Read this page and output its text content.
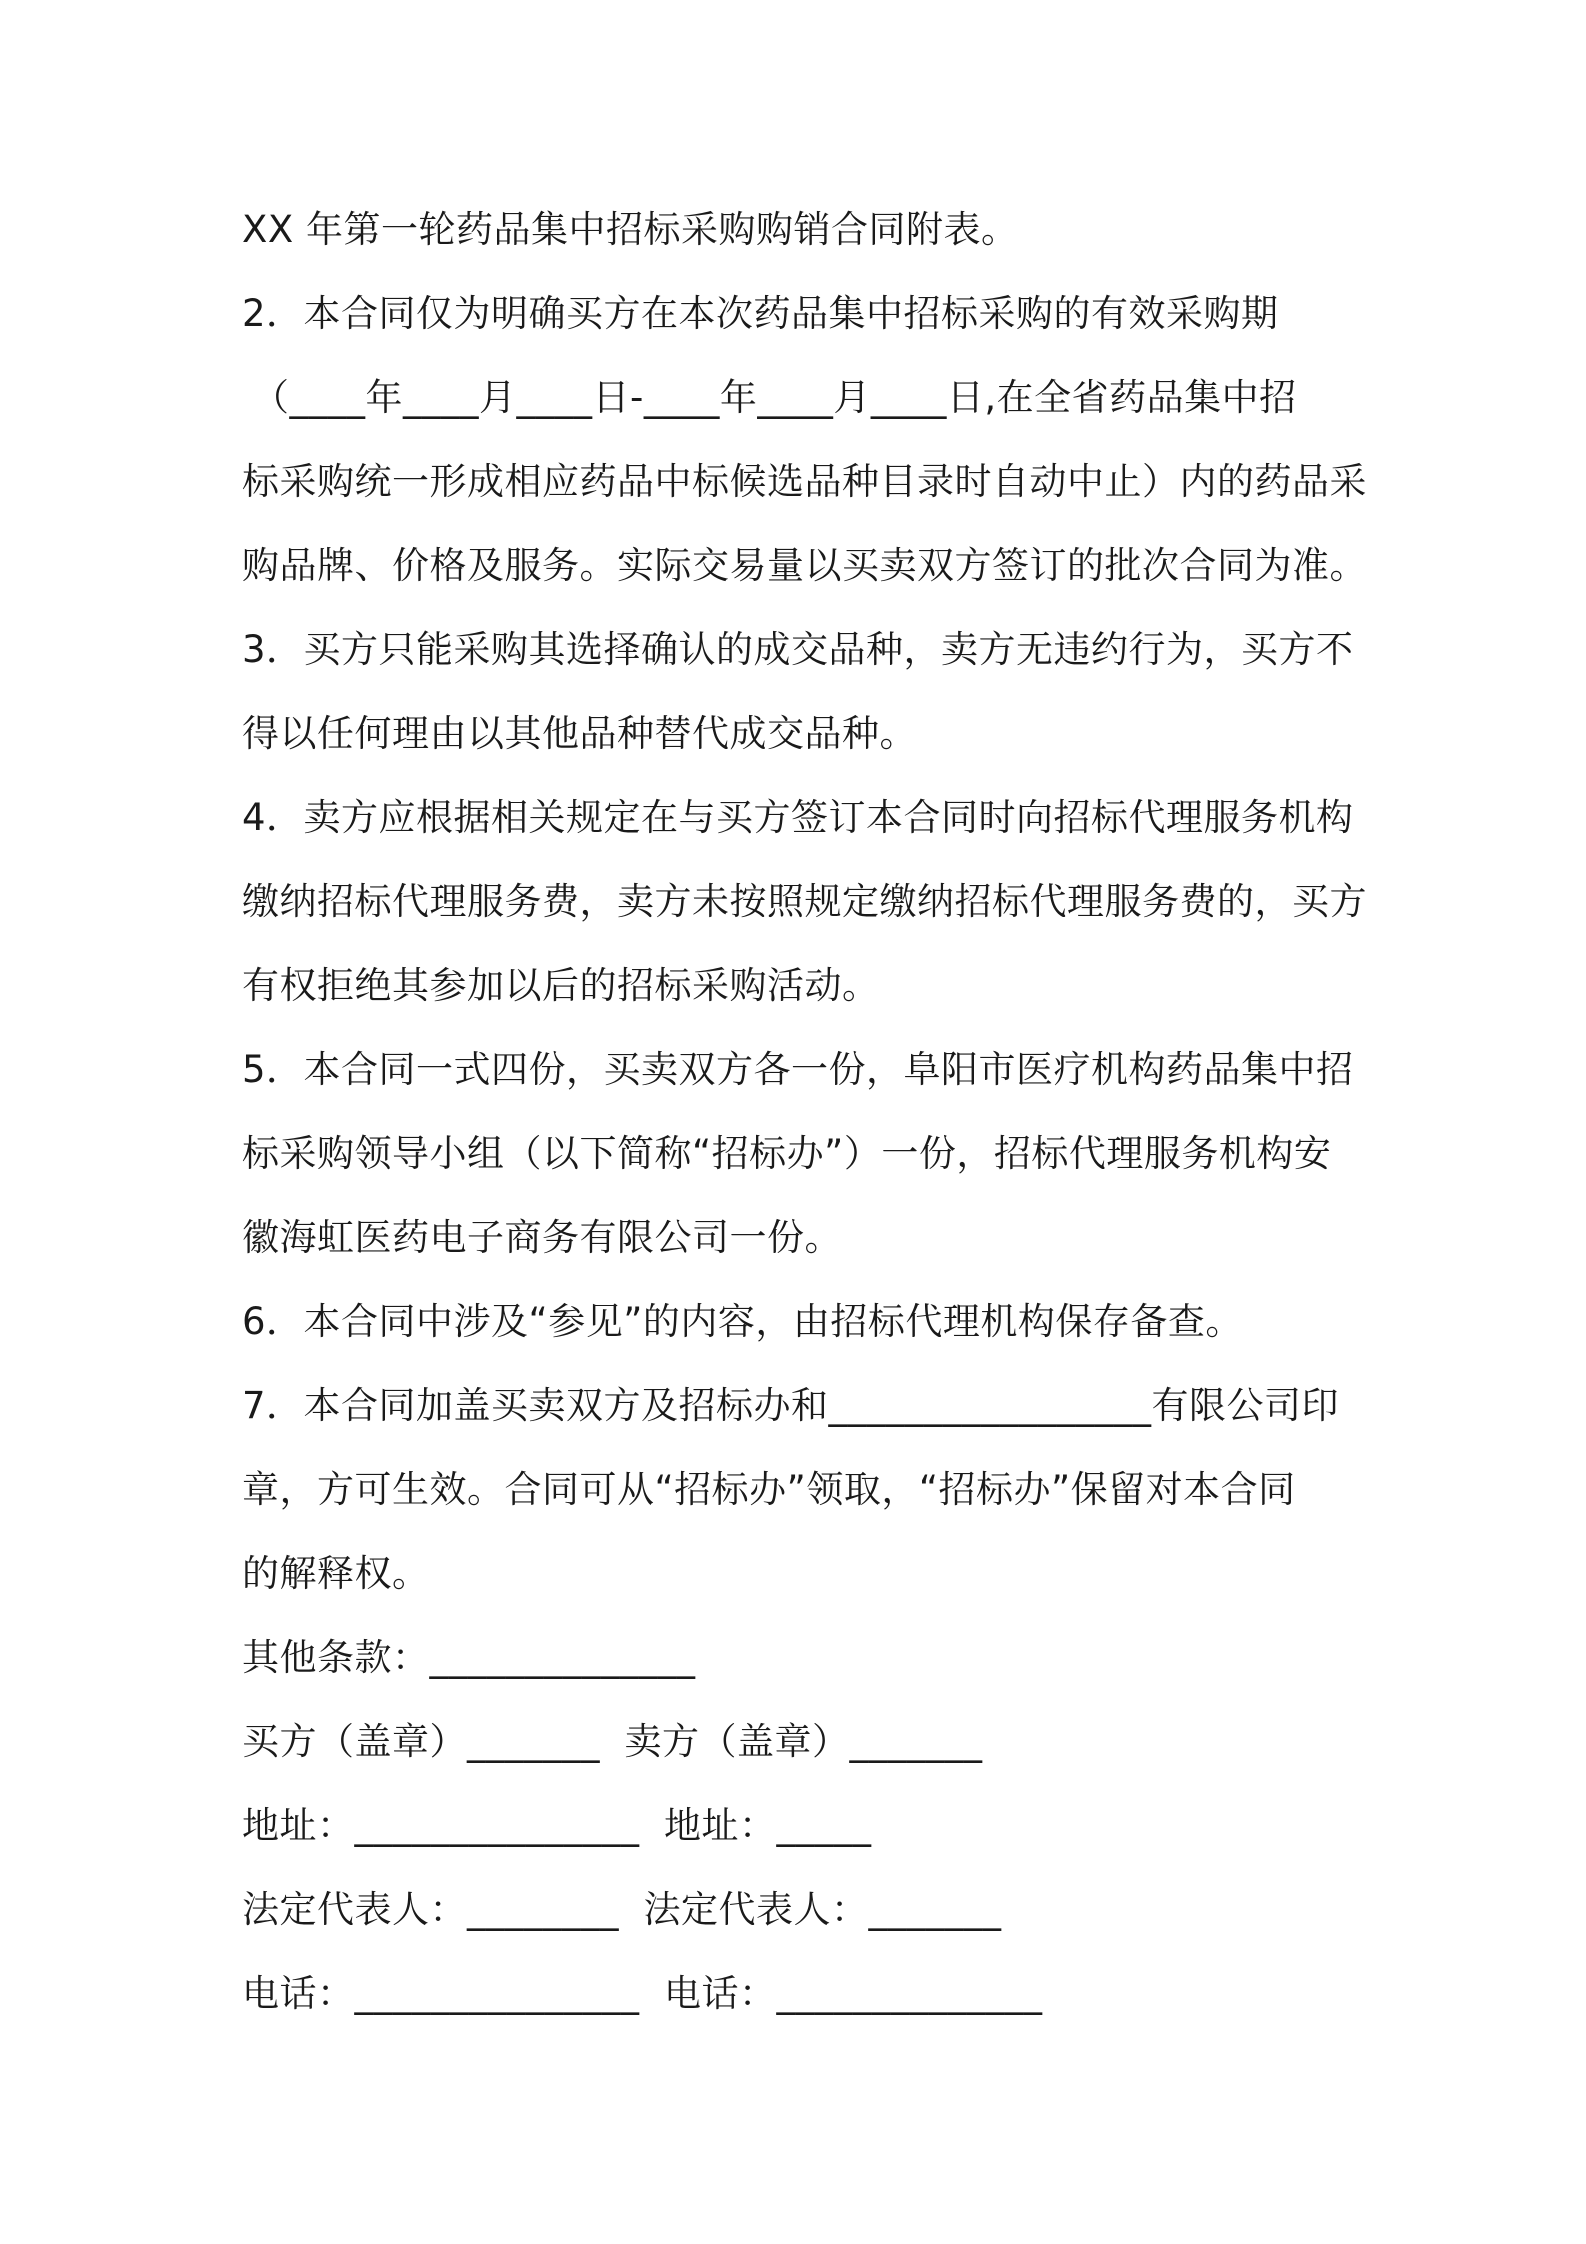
XX 年第一轮药品集中招标采购购销合同附表。
2．本合同仅为明确买方在本次药品集中招标采购的有效采购期
（____年____月____日-____年____月____日,在全省药品集中招
标采购统一形成相应药品中标候选品种目录时自动中止）内的药品采
购品牌、价格及服务。实际交易量以买卖双方签订的批次合同为准。
3．买方只能采购其选择确认的成交品种，卖方无违约行为，买方不
得以任何理由以其他品种替代成交品种。
4．卖方应根据相关规定在与买方签订本合同时向招标代理服务机构
缴纳招标代理服务费，卖方未按照规定缴纳招标代理服务费的，买方
有权拒绝其参加以后的招标采购活动。
5．本合同一式四份，买卖双方各一份，阜阳市医疗机构药品集中招
标采购领导小组（以下简称“招标办”）一份，招标代理服务机构安
徽海虹医药电子商务有限公司一份。
6．本合同中涉及“参见”的内容，由招标代理机构保存备查。
7．本合同加盖买卖双方及招标办和_________________有限公司印
章，方可生效。合同可从“招标办”领取，“招标办”保留对本合同
的解释权。
其他条款：______________
买方（盖章）_______  卖方（盖章）_______
地址：_______________  地址：_____
法定代表人：________  法定代表人：_______
电话：_______________  电话：______________
